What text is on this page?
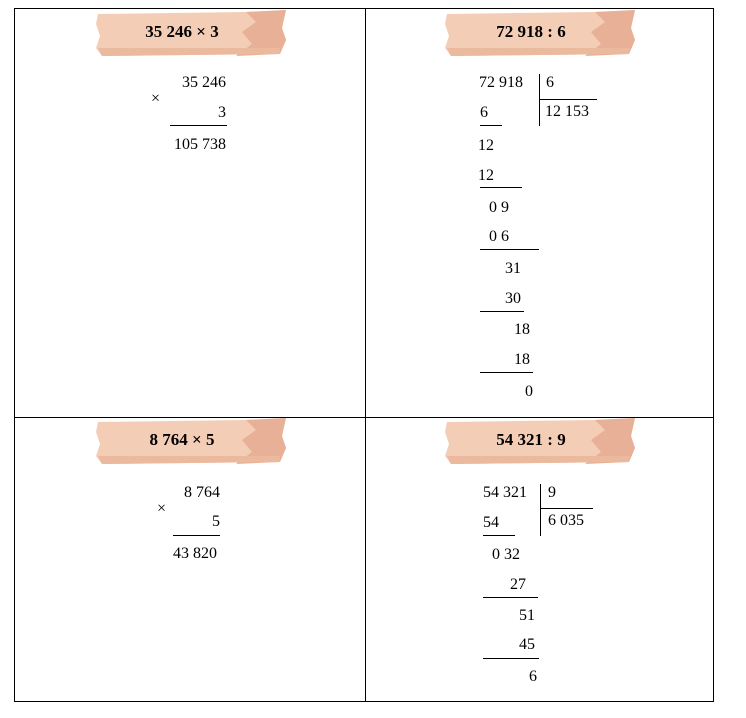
35 246 × 3
×
35 246
3
105 738
72 918 : 6
72 918 6
12 153
6
12
12
0 9
0 6
31
30
18
18
0
8 764 × 5
×
8 764
5
43 820
54 321 : 9
54 321 9
6 035
54
0 32
27
51
45
6
